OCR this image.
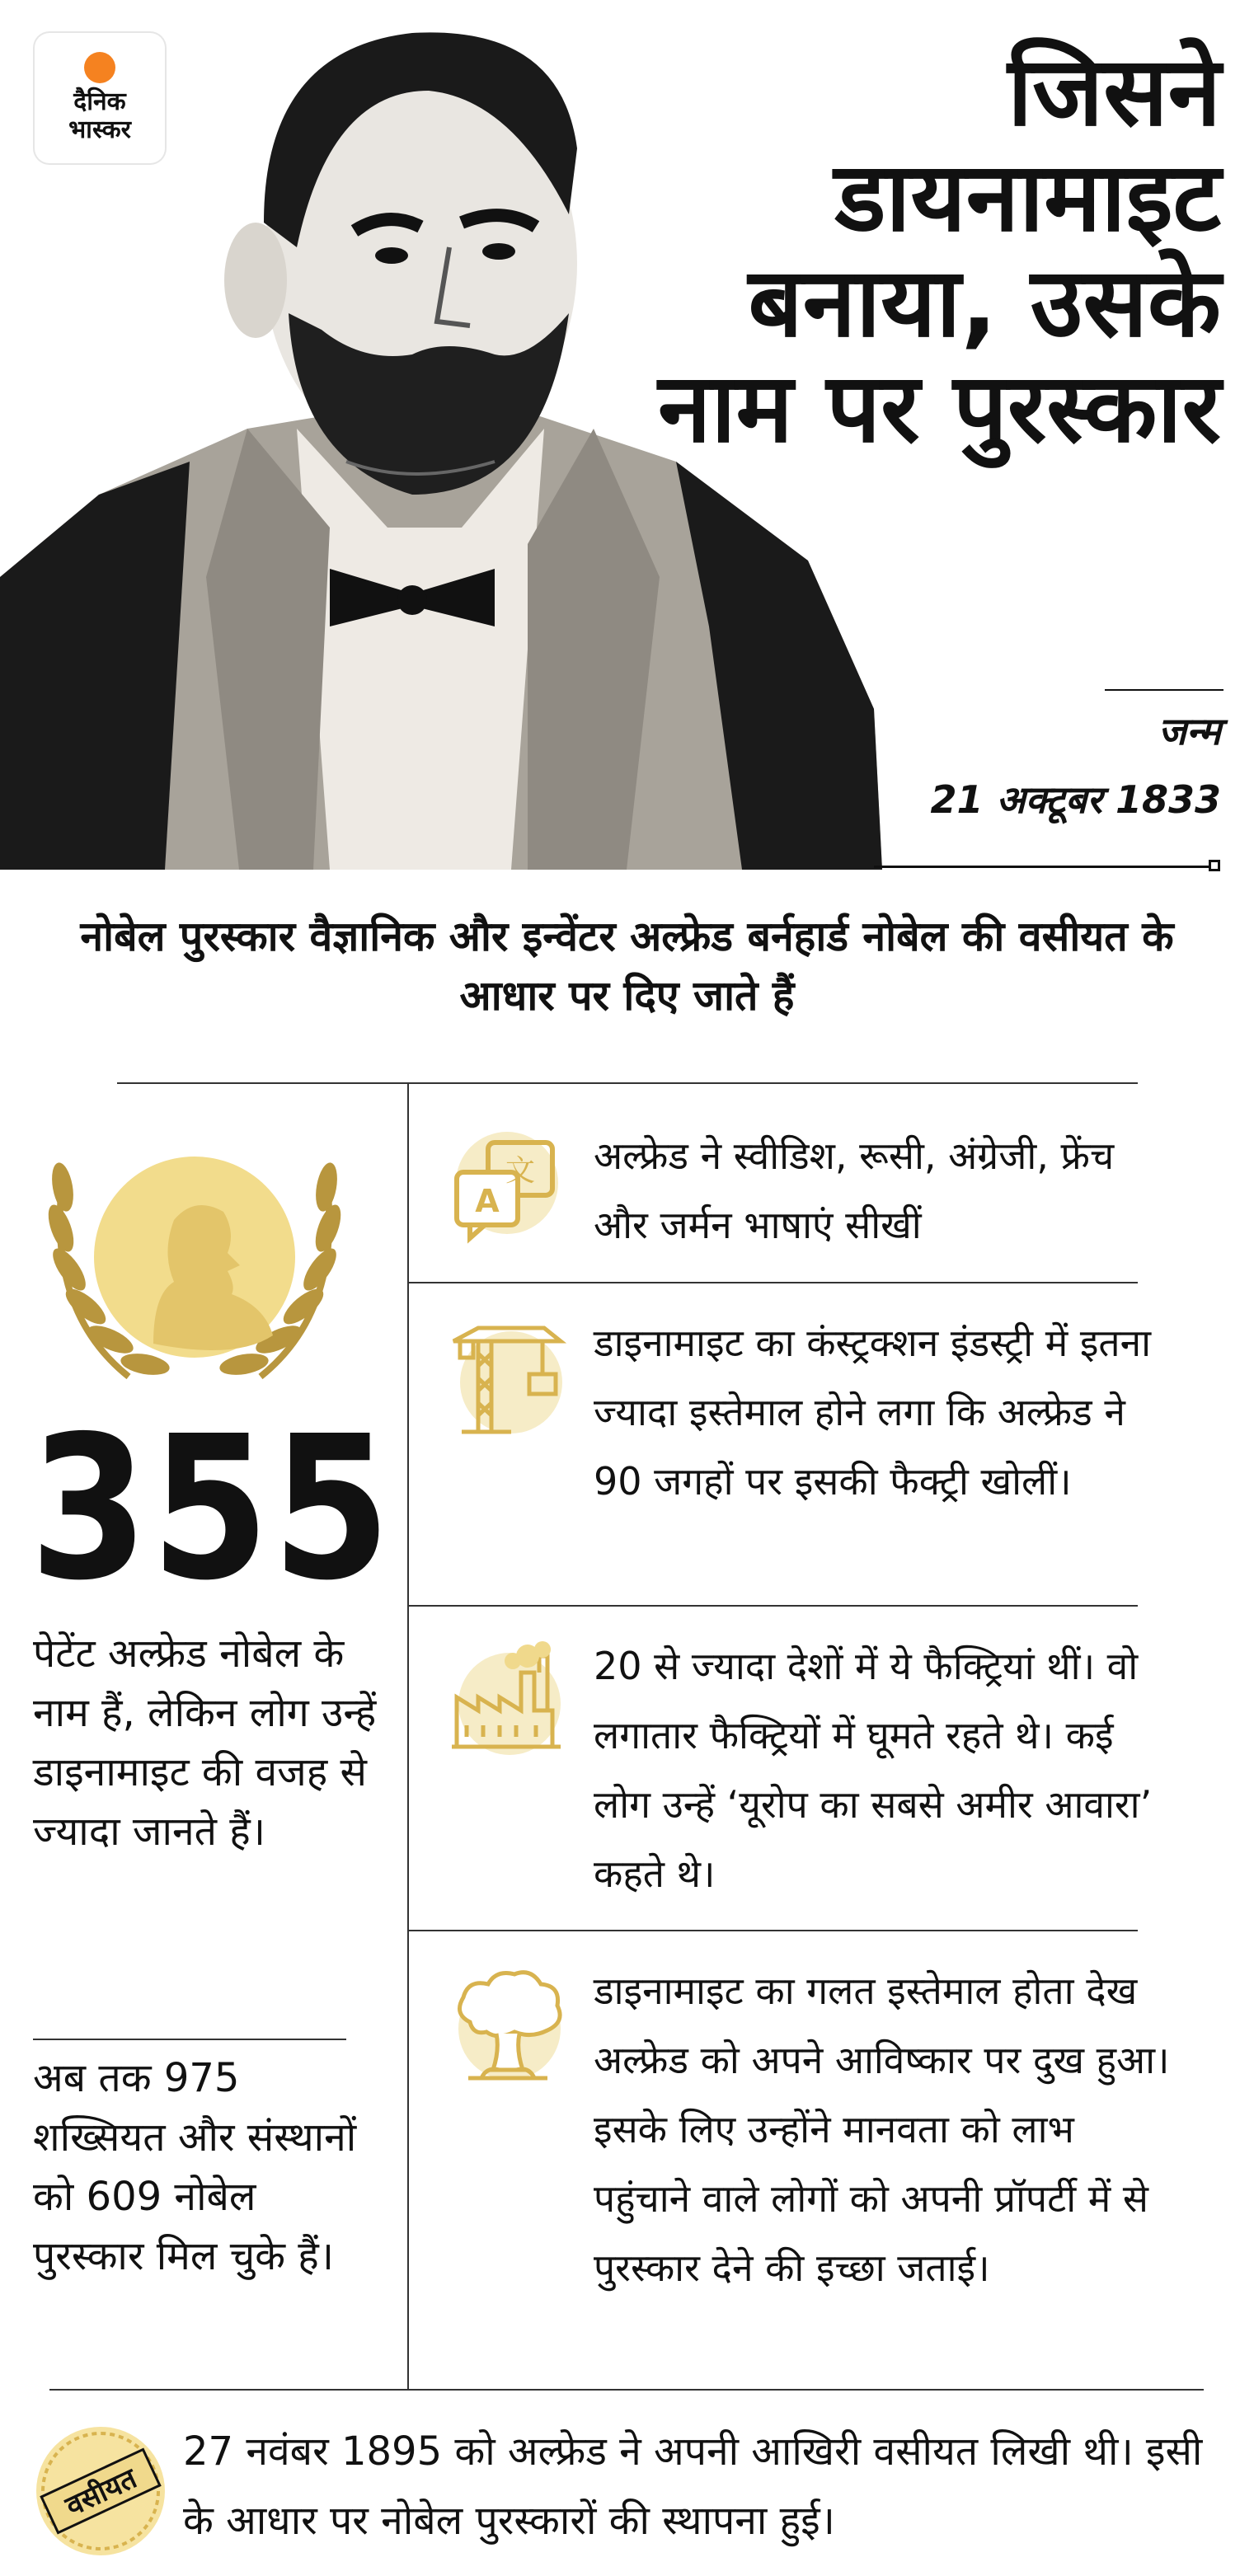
दैनिक
भास्कर	जिसने डायनामाइट बनाया, उसके नाम पर पुरस्कार
जन्म
21 अक्टूबर 1833
नोबेल पुरस्कार वैज्ञानिक और इन्वेंटर अल्फ्रेड बर्नहार्ड नोबेल की वसीयत के आधार पर दिए जाते हैं
355

पेटेंट अल्फ्रेड नोबेल के नाम हैं, लेकिन लोग उन्हें डाइनामाइट की वजह से ज्यादा जानते हैं।

अब तक 975 शख्सियत और संस्थानों को 609 नोबेल पुरस्कार मिल चुके हैं।

文
A

अल्फ्रेड ने स्वीडिश, रूसी, अंग्रेजी, फ्रेंच और जर्मन भाषाएं सीखीं

डाइनामाइट का कंस्ट्रक्शन इंडस्ट्री में इतना ज्यादा इस्तेमाल होने लगा कि अल्फ्रेड ने 90 जगहों पर इसकी फैक्ट्री खोलीं।

20 से ज्यादा देशों में ये फैक्ट्रियां थीं। वो लगातार फैक्ट्रियों में घूमते रहते थे। कई लोग उन्हें ‘यूरोप का सबसे अमीर आवारा’ कहते थे।

डाइनामाइट का गलत इस्तेमाल होता देख अल्फ्रेड को अपने आविष्कार पर दुख हुआ। इसके लिए उन्होंने मानवता को लाभ पहुंचाने वाले लोगों को अपनी प्रॉपर्टी में से पुरस्कार देने की इच्छा जताई।

वसीयत

27 नवंबर 1895 को अल्फ्रेड ने अपनी आखिरी वसीयत लिखी थी। इसी के आधार पर नोबेल पुरस्कारों की स्थापना हुई।
